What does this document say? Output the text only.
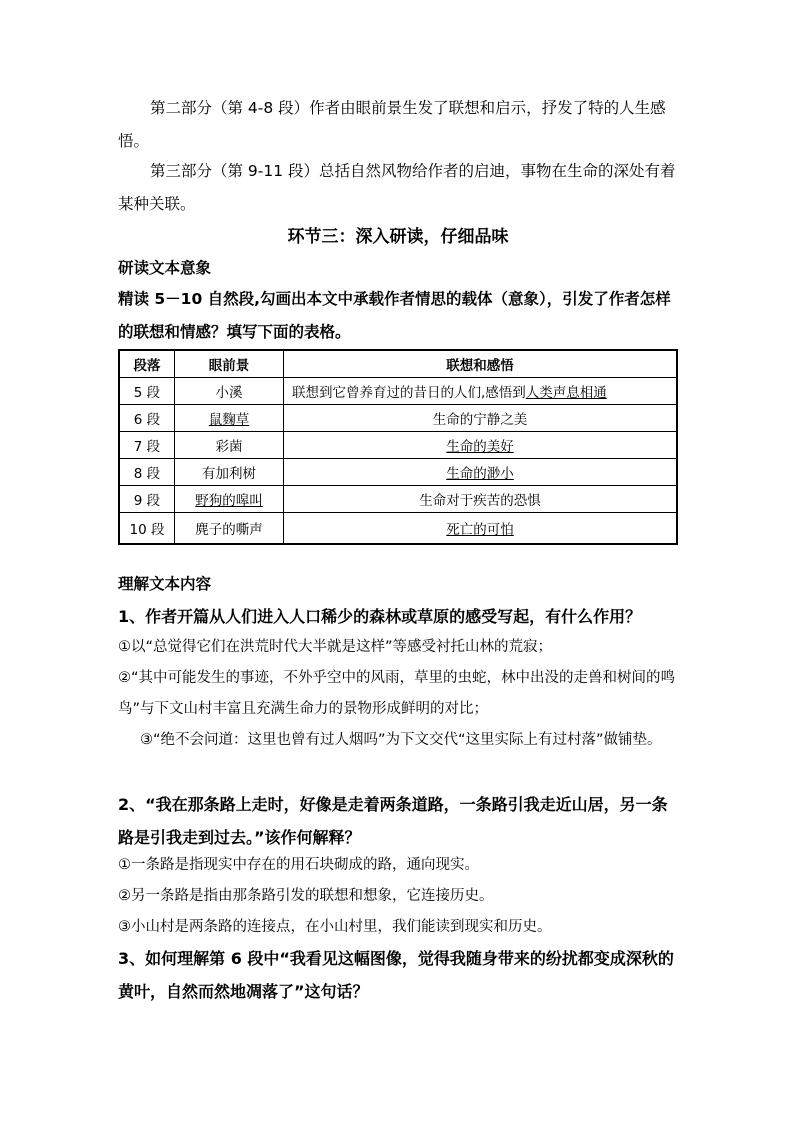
第二部分（第 4-8 段）作者由眼前景生发了联想和启示，抒发了特的人生感悟。

第三部分（第 9-11 段）总括自然风物给作者的启迪，事物在生命的深处有着某种关联。

环节三：深入研读，仔细品味

研读文本意象

精读 5－10 自然段,勾画出本文中承载作者情思的载体（意象），引发了作者怎样的联想和情感？填写下面的表格。

段落	眼前景	联想和感悟
5 段	小溪	联想到它曾养育过的昔日的人们,感悟到人类声息相通
6 段	鼠麴草	生命的宁静之美
7 段	彩菌	生命的美好
8 段	有加利树	生命的渺小
9 段	野狗的嗥叫	生命对于疾苦的恐惧
10 段	麂子的嘶声	死亡的可怕

理解文本内容

1、作者开篇从人们进入人口稀少的森林或草原的感受写起，有什么作用？

①以“总觉得它们在洪荒时代大半就是这样”等感受衬托山林的荒寂；

②“其中可能发生的事迹，不外乎空中的风雨，草里的虫蛇，林中出没的走兽和树间的鸣鸟”与下文山村丰富且充满生命力的景物形成鲜明的对比；

③“绝不会问道：这里也曾有过人烟吗”为下文交代“这里实际上有过村落”做铺垫。

2、“我在那条路上走时，好像是走着两条道路，一条路引我走近山居，另一条路是引我走到过去。”该作何解释？

①一条路是指现实中存在的用石块砌成的路，通向现实。

②另一条路是指由那条路引发的联想和想象，它连接历史。

③小山村是两条路的连接点，在小山村里，我们能读到现实和历史。

3、如何理解第 6 段中“我看见这幅图像，觉得我随身带来的纷扰都变成深秋的黄叶，自然而然地凋落了”这句话？
